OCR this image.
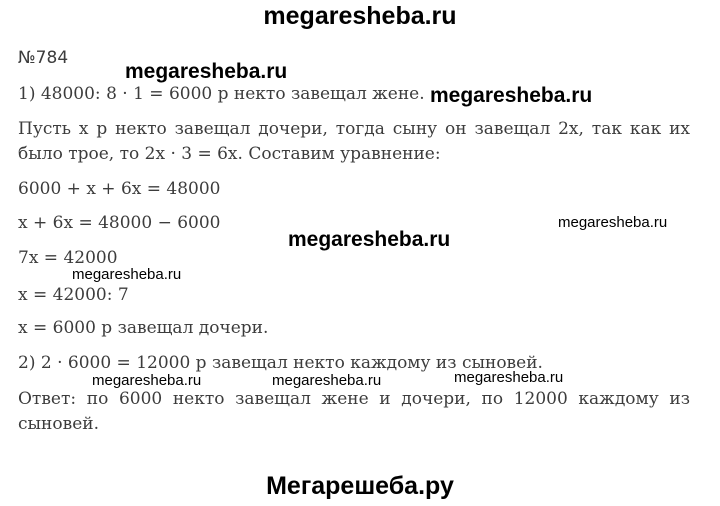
megaresheba.ru
№784
1) 48000: 8 · 1 = 6000 р некто завещал жене.
Пусть x р некто завещал дочери, тогда сыну он завещал 2х, так как их
было трое, то 2x · 3 = 6x. Составим уравнение:
6000 + x + 6x = 48000
x + 6x = 48000 − 6000
7x = 42000
x = 42000: 7
x = 6000 р завещал дочери.
2) 2 · 6000 = 12000 р завещал некто каждому из сыновей.
Ответ: по 6000 некто завещал жене и дочери, по 12000 каждому из
сыновей.
megaresheba.ru
megaresheba.ru
megaresheba.ru
megaresheba.ru
megaresheba.ru
megaresheba.ru	megaresheba.ru	megaresheba.ru
Мегарешеба.ру
